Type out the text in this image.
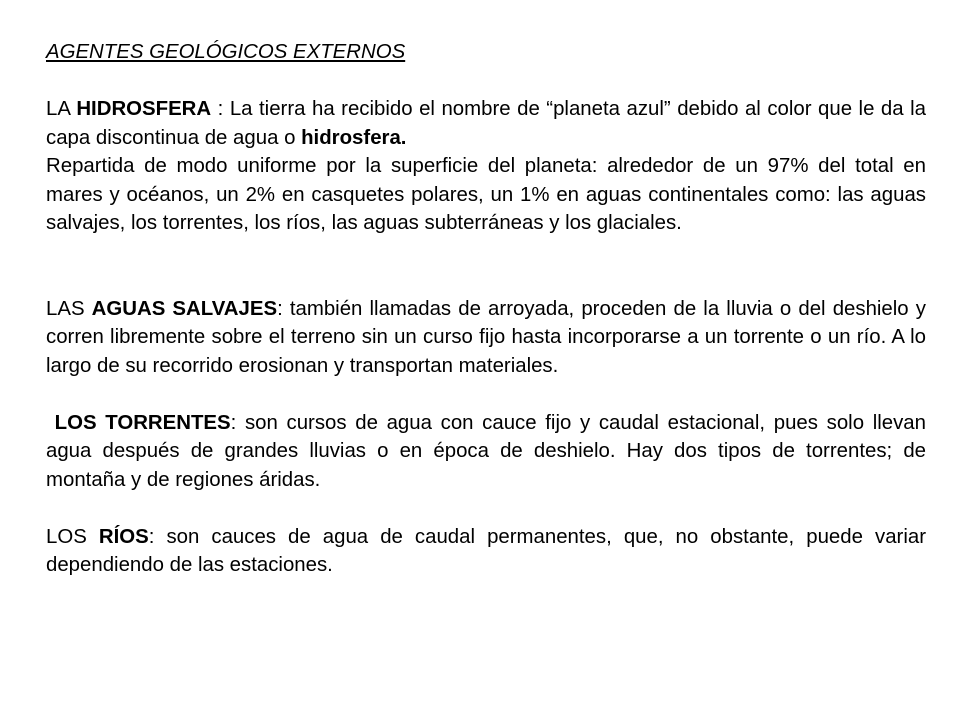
AGENTES GEOLÓGICOS EXTERNOS

LA HIDROSFERA : La tierra ha recibido el nombre de “planeta azul” debido al color que le da la capa discontinua de agua o hidrosfera.

Repartida de modo uniforme por la superficie del planeta: alrededor de un 97% del total en mares y océanos, un 2% en casquetes polares, un 1% en aguas continentales como: las aguas salvajes, los torrentes, los ríos, las aguas subterráneas y los glaciales.

LAS AGUAS SALVAJES: también llamadas de arroyada, proceden de la lluvia o del deshielo y corren libremente sobre el terreno sin un curso fijo hasta incorporarse a un torrente o un río. A lo largo de su recorrido erosionan y transportan materiales.

LOS TORRENTES: son cursos de agua con cauce fijo y caudal estacional, pues solo llevan agua después de grandes lluvias o en época de deshielo. Hay dos tipos de torrentes; de montaña y de regiones áridas.

LOS RÍOS: son cauces de agua de caudal permanentes, que, no obstante, puede variar dependiendo de las estaciones.
